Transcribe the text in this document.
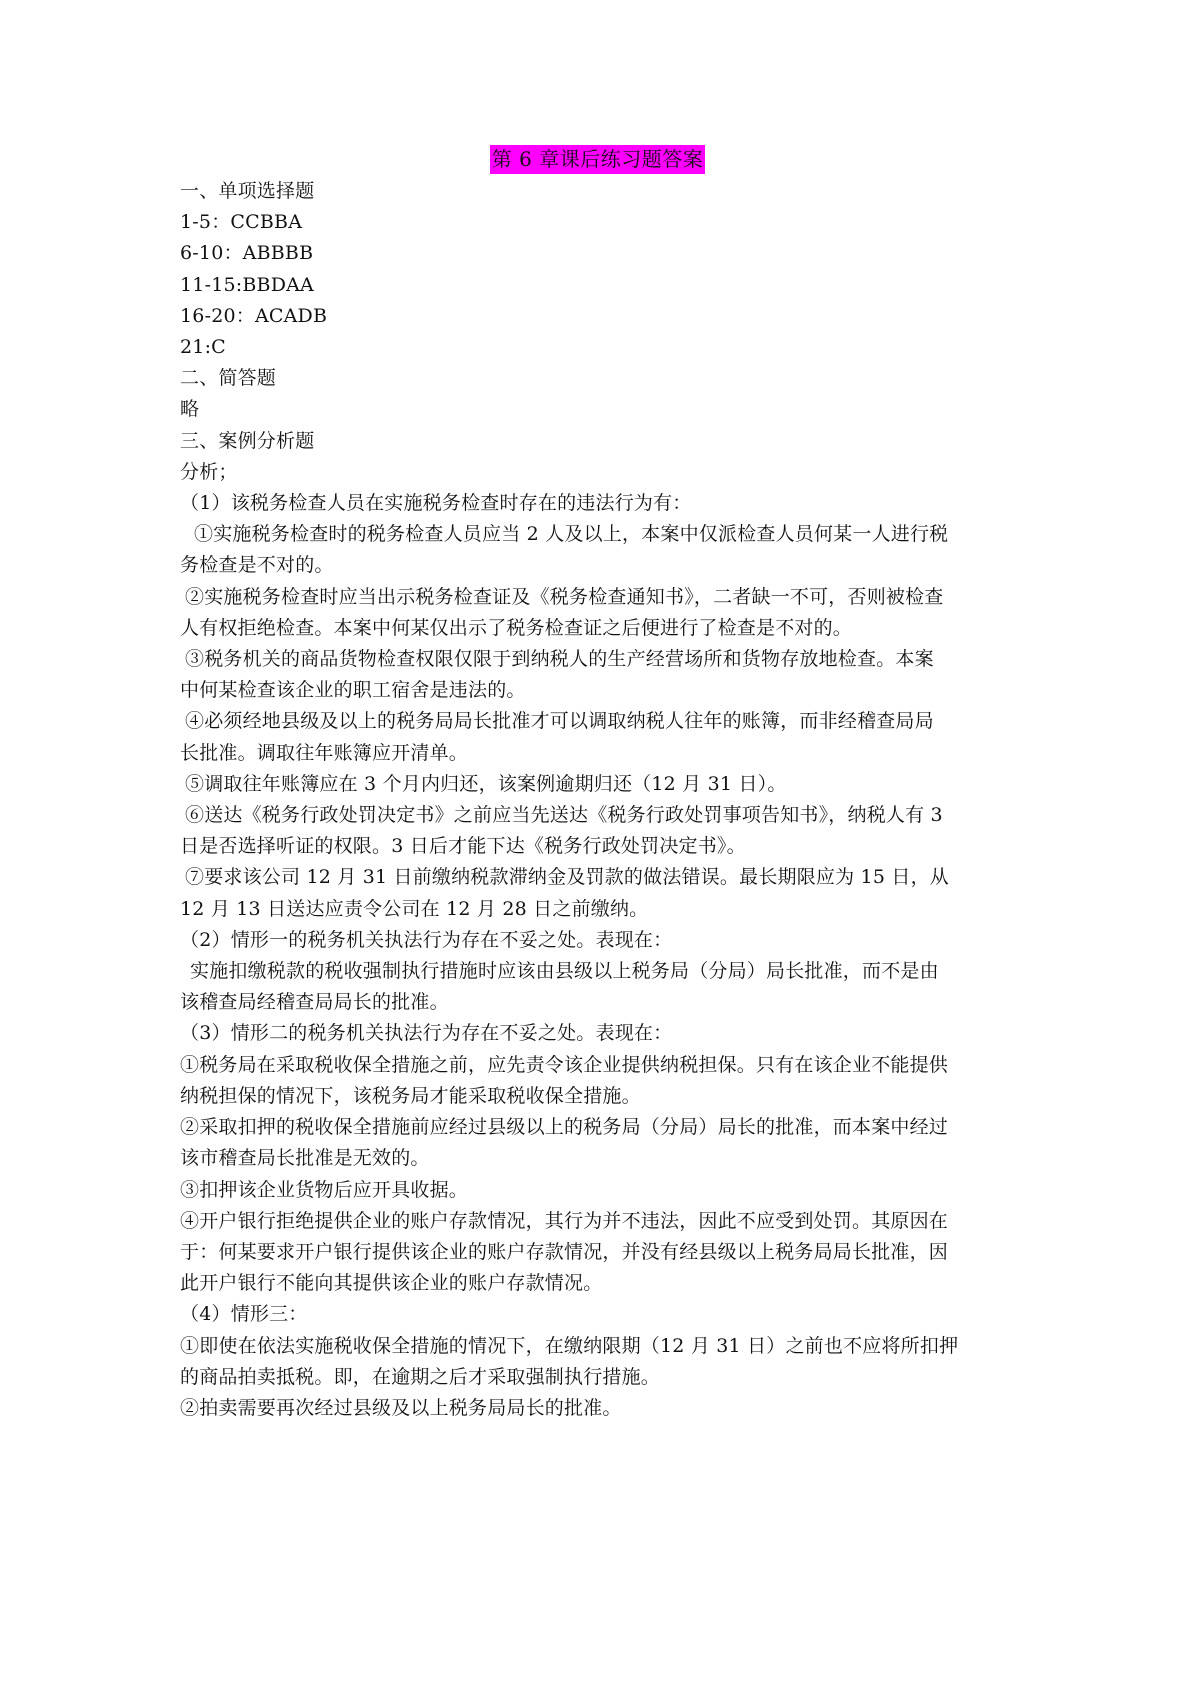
第 6 章课后练习题答案
一、单项选择题
1-5：CCBBA
6-10：ABBBB
11-15:BBDAA
16-20：ACADB
21:C
二、简答题
略
三、案例分析题
分析；
（1）该税务检查人员在实施税务检查时存在的违法行为有：
①实施税务检查时的税务检查人员应当 2 人及以上，本案中仅派检查人员何某一人进行税
务检查是不对的。
②实施税务检查时应当出示税务检查证及《税务检查通知书》，二者缺一不可，否则被检查
人有权拒绝检查。本案中何某仅出示了税务检查证之后便进行了检查是不对的。
③税务机关的商品货物检查权限仅限于到纳税人的生产经营场所和货物存放地检查。本案
中何某检查该企业的职工宿舍是违法的。
④必须经地县级及以上的税务局局长批准才可以调取纳税人往年的账簿，而非经稽查局局
长批准。调取往年账簿应开清单。
⑤调取往年账簿应在 3 个月内归还，该案例逾期归还（12 月 31 日）。
⑥送达《税务行政处罚决定书》之前应当先送达《税务行政处罚事项告知书》，纳税人有 3
日是否选择听证的权限。3 日后才能下达《税务行政处罚决定书》。
⑦要求该公司 12 月 31 日前缴纳税款滞纳金及罚款的做法错误。最长期限应为 15 日，从
12 月 13 日送达应责令公司在 12 月 28 日之前缴纳。
（2）情形一的税务机关执法行为存在不妥之处。表现在：
实施扣缴税款的税收强制执行措施时应该由县级以上税务局（分局）局长批准，而不是由
该稽查局经稽查局局长的批准。
（3）情形二的税务机关执法行为存在不妥之处。表现在：
①税务局在采取税收保全措施之前，应先责令该企业提供纳税担保。只有在该企业不能提供
纳税担保的情况下，该税务局才能采取税收保全措施。
②采取扣押的税收保全措施前应经过县级以上的税务局（分局）局长的批准，而本案中经过
该市稽查局长批准是无效的。
③扣押该企业货物后应开具收据。
④开户银行拒绝提供企业的账户存款情况，其行为并不违法，因此不应受到处罚。其原因在
于：何某要求开户银行提供该企业的账户存款情况，并没有经县级以上税务局局长批准，因
此开户银行不能向其提供该企业的账户存款情况。
（4）情形三：
①即使在依法实施税收保全措施的情况下，在缴纳限期（12 月 31 日）之前也不应将所扣押
的商品拍卖抵税。即，在逾期之后才采取强制执行措施。
②拍卖需要再次经过县级及以上税务局局长的批准。
